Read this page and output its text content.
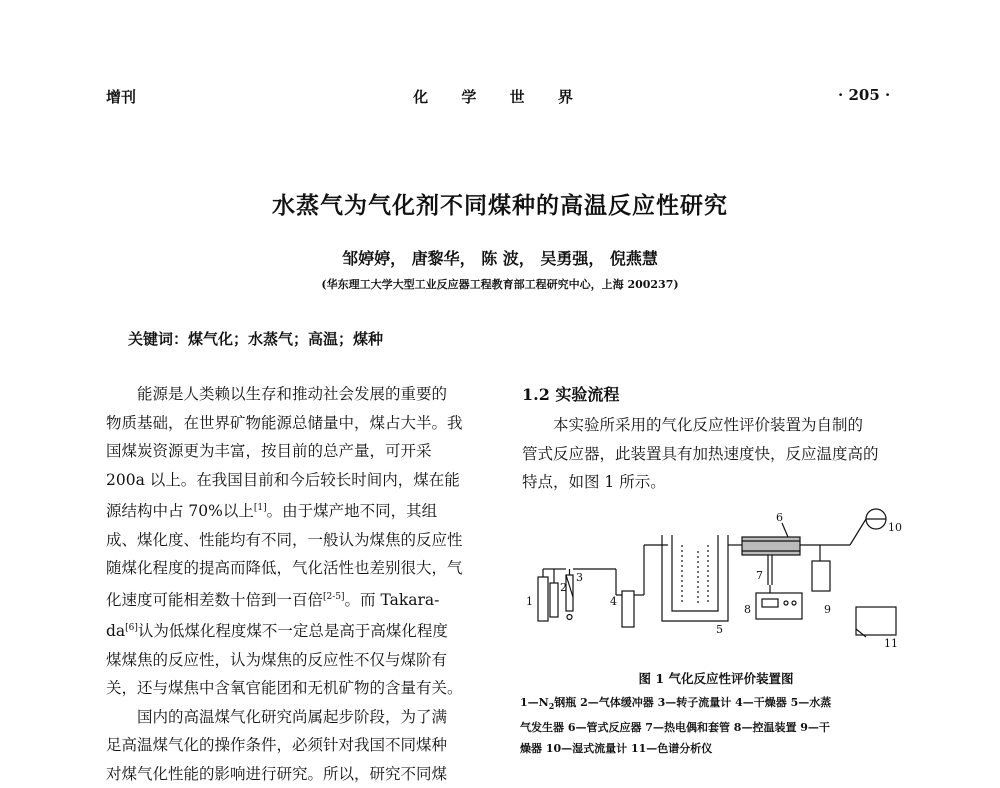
增刊	化 学 世 界	· 205 ·
水蒸气为气化剂不同煤种的高温反应性研究
邹婷婷， 唐黎华， 陈 波， 吴勇强， 倪燕慧
(华东理工大学大型工业反应器工程教育部工程研究中心，上海 200237)
关键词：煤气化；水蒸气；高温；煤种

能源是人类赖以生存和推动社会发展的重要的

物质基础，在世界矿物能源总储量中，煤占大半。我

国煤炭资源更为丰富，按目前的总产量，可开采

200a 以上。在我国目前和今后较长时间内，煤在能

源结构中占 70%以上[1]。由于煤产地不同，其组

成、煤化度、性能均有不同，一般认为煤焦的反应性

随煤化程度的提高而降低，气化活性也差别很大，气

化速度可能相差数十倍到一百倍[2-5]。而 Takara-

da[6]认为低煤化程度煤不一定总是高于高煤化程度

煤煤焦的反应性，认为煤焦的反应性不仅与煤阶有

关，还与煤焦中含氧官能团和无机矿物的含量有关。

国内的高温煤气化研究尚属起步阶段，为了满

足高温煤气化的操作条件，必须针对我国不同煤种

对煤气化性能的影响进行研究。所以，研究不同煤

1.2 实验流程

本实验所采用的气化反应性评价装置为自制的

管式反应器，此装置具有加热速度快，反应温度高的

特点，如图 1 所示。

1
2
3
4
5
6
7
8	9
10
11
图 1 气化反应性评价装置图

$1—N_2$钢瓶 2—气体缓冲器 3—转子流量计 4—干燥器 5—水蒸

气发生器 6—管式反应器 7—热电偶和套管 8—控温装置 9—干

燥器 10—湿式流量计 11—色谱分析仪
